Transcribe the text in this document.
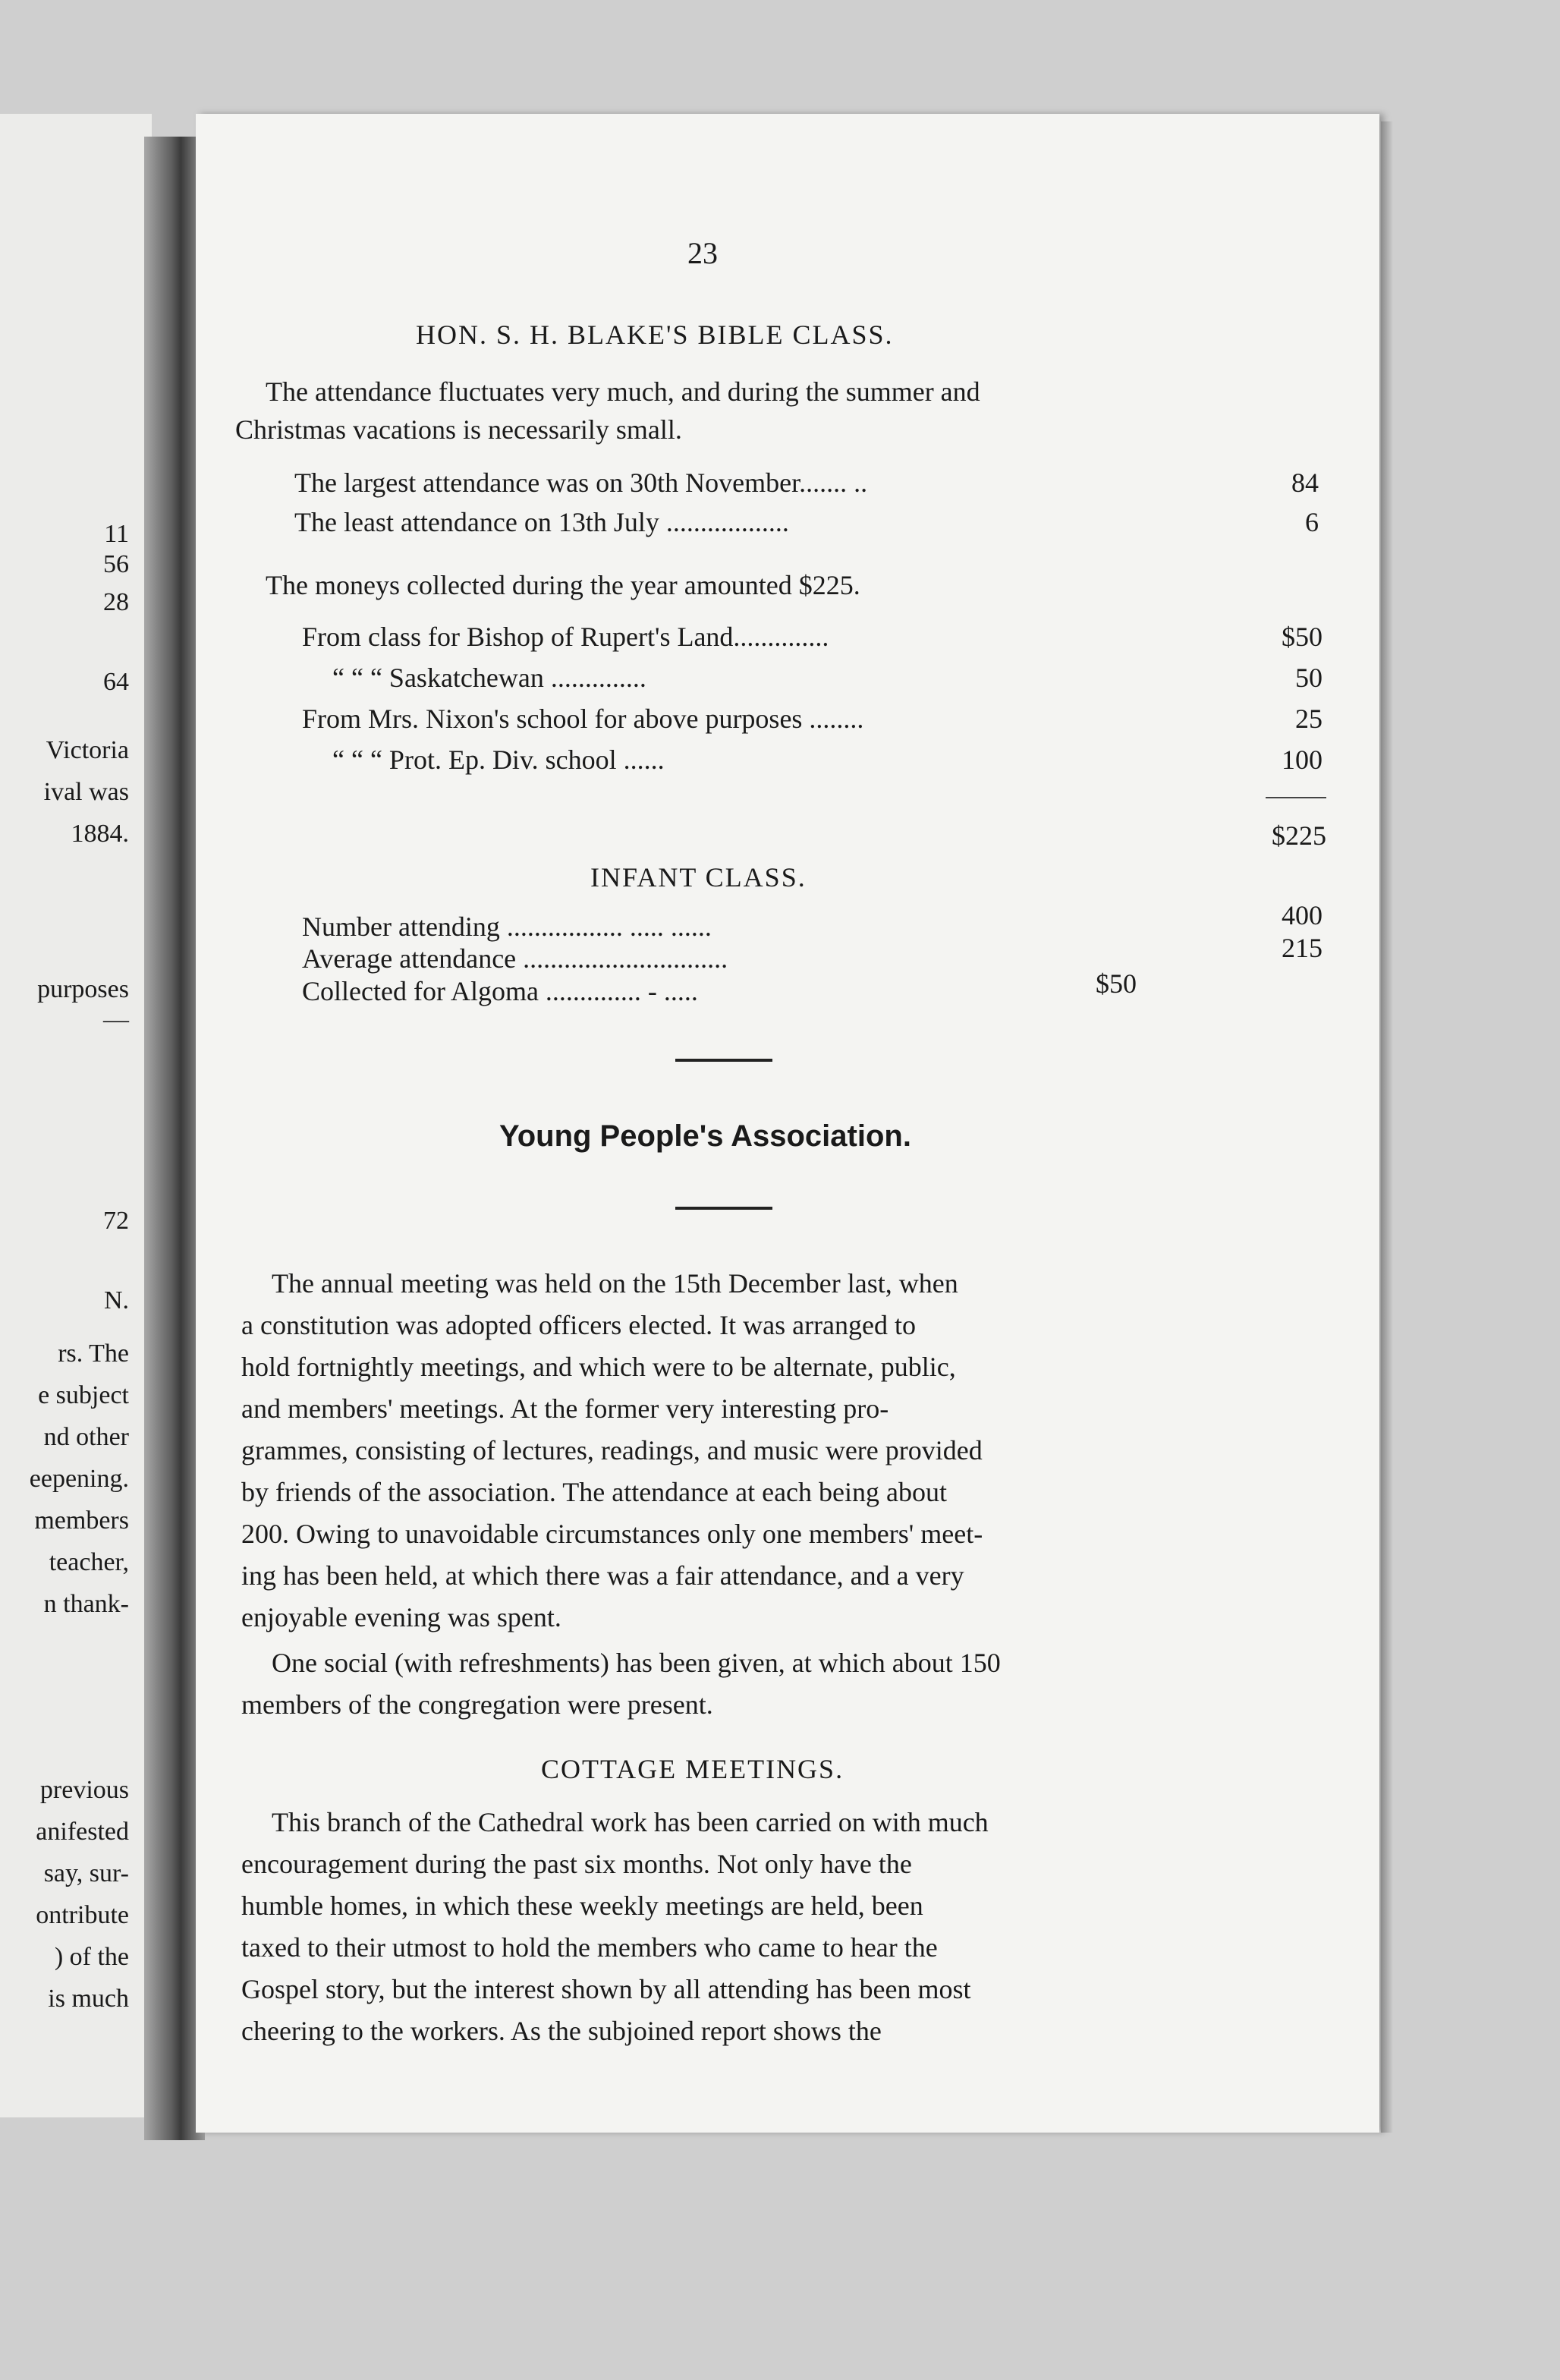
11
56
28
64
Victoria
ival was
1884.
purposes
—
72
N.
rs. The
e subject
nd other
eepening.
members
teacher,
n thank-
previous
anifested
say, sur-
ontribute
) of the
is much
23
HON. S. H. BLAKE'S BIBLE CLASS.
The attendance fluctuates very much, and during the summer and
Christmas vacations is necessarily small.
The largest attendance was on 30th November....... ..	84
The least attendance on 13th July ..................	6
The moneys collected during the year amounted $225.
From class for Bishop of Rupert's Land..............	$50
“ “ “ Saskatchewan ..............	50
From Mrs. Nixon's school for above purposes ........	25
“ “ “ Prot. Ep. Div. school ......	100
$225
INFANT CLASS.
Number attending ................. ..... ......	400
Average attendance ..............................	215
Collected for Algoma .............. - .....	$50
Young People's Association.
The annual meeting was held on the 15th December last, when
a constitution was adopted officers elected. It was arranged to
hold fortnightly meetings, and which were to be alternate, public,
and members' meetings. At the former very interesting pro-
grammes, consisting of lectures, readings, and music were provided
by friends of the association. The attendance at each being about
200. Owing to unavoidable circumstances only one members' meet-
ing has been held, at which there was a fair attendance, and a very
enjoyable evening was spent.
One social (with refreshments) has been given, at which about 150
members of the congregation were present.
COTTAGE MEETINGS.
This branch of the Cathedral work has been carried on with much
encouragement during the past six months. Not only have the
humble homes, in which these weekly meetings are held, been
taxed to their utmost to hold the members who came to hear the
Gospel story, but the interest shown by all attending has been most
cheering to the workers. As the subjoined report shows the
